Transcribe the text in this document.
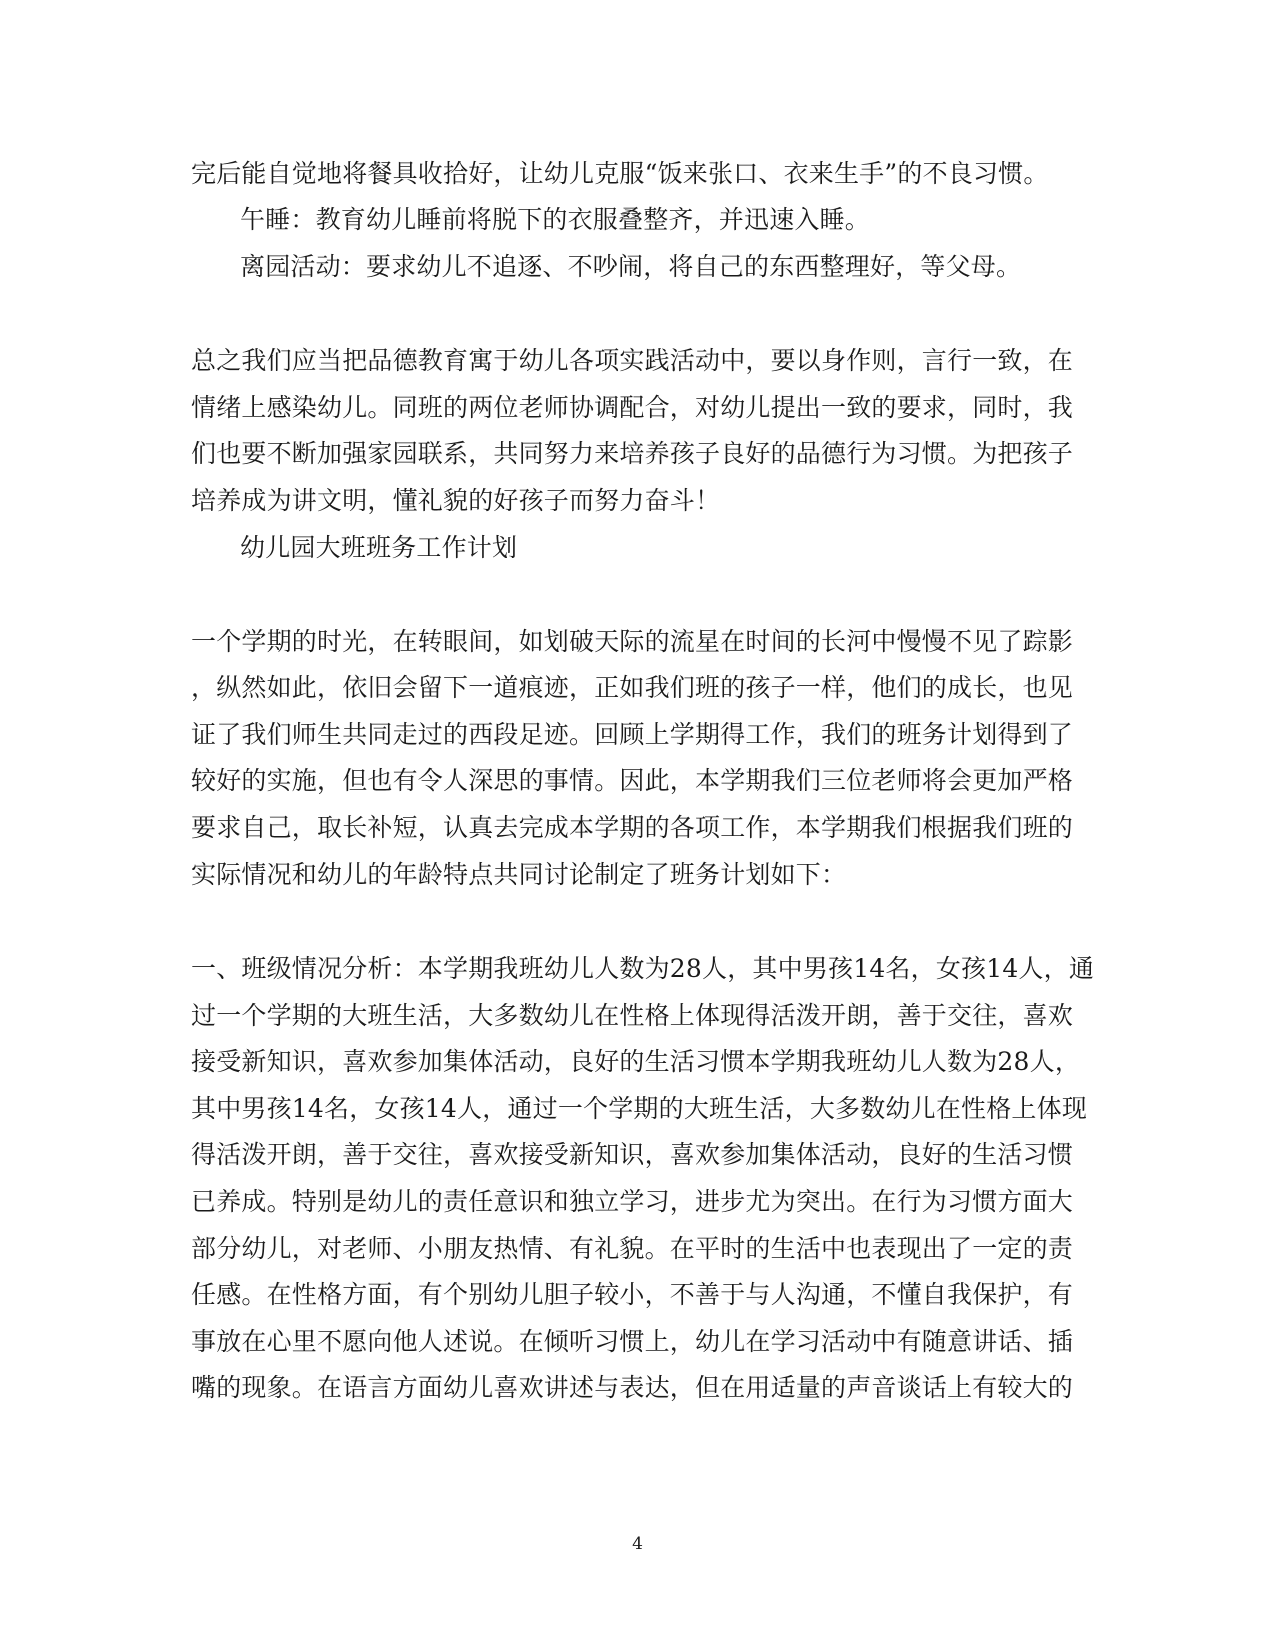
完后能自觉地将餐具收拾好，让幼儿克服“饭来张口、衣来生手”的不良习惯。
午睡：教育幼儿睡前将脱下的衣服叠整齐，并迅速入睡。
离园活动：要求幼儿不追逐、不吵闹，将自己的东西整理好，等父母。
总之我们应当把品德教育寓于幼儿各项实践活动中，要以身作则，言行一致，在
情绪上感染幼儿。同班的两位老师协调配合，对幼儿提出一致的要求，同时，我
们也要不断加强家园联系，共同努力来培养孩子良好的品德行为习惯。为把孩子
培养成为讲文明，懂礼貌的好孩子而努力奋斗！
幼儿园大班班务工作计划
一个学期的时光，在转眼间，如划破天际的流星在时间的长河中慢慢不见了踪影
，纵然如此，依旧会留下一道痕迹，正如我们班的孩子一样，他们的成长，也见
证了我们师生共同走过的西段足迹。回顾上学期得工作，我们的班务计划得到了
较好的实施，但也有令人深思的事情。因此，本学期我们三位老师将会更加严格
要求自己，取长补短，认真去完成本学期的各项工作，本学期我们根据我们班的
实际情况和幼儿的年龄特点共同讨论制定了班务计划如下：
一、班级情况分析：本学期我班幼儿人数为28人，其中男孩14名，女孩14人，通
过一个学期的大班生活，大多数幼儿在性格上体现得活泼开朗，善于交往，喜欢
接受新知识，喜欢参加集体活动，良好的生活习惯本学期我班幼儿人数为28人，
其中男孩14名，女孩14人，通过一个学期的大班生活，大多数幼儿在性格上体现
得活泼开朗，善于交往，喜欢接受新知识，喜欢参加集体活动，良好的生活习惯
已养成。特别是幼儿的责任意识和独立学习，进步尤为突出。在行为习惯方面大
部分幼儿，对老师、小朋友热情、有礼貌。在平时的生活中也表现出了一定的责
任感。在性格方面，有个别幼儿胆子较小，不善于与人沟通，不懂自我保护，有
事放在心里不愿向他人述说。在倾听习惯上，幼儿在学习活动中有随意讲话、插
嘴的现象。在语言方面幼儿喜欢讲述与表达，但在用适量的声音谈话上有较大的
4
